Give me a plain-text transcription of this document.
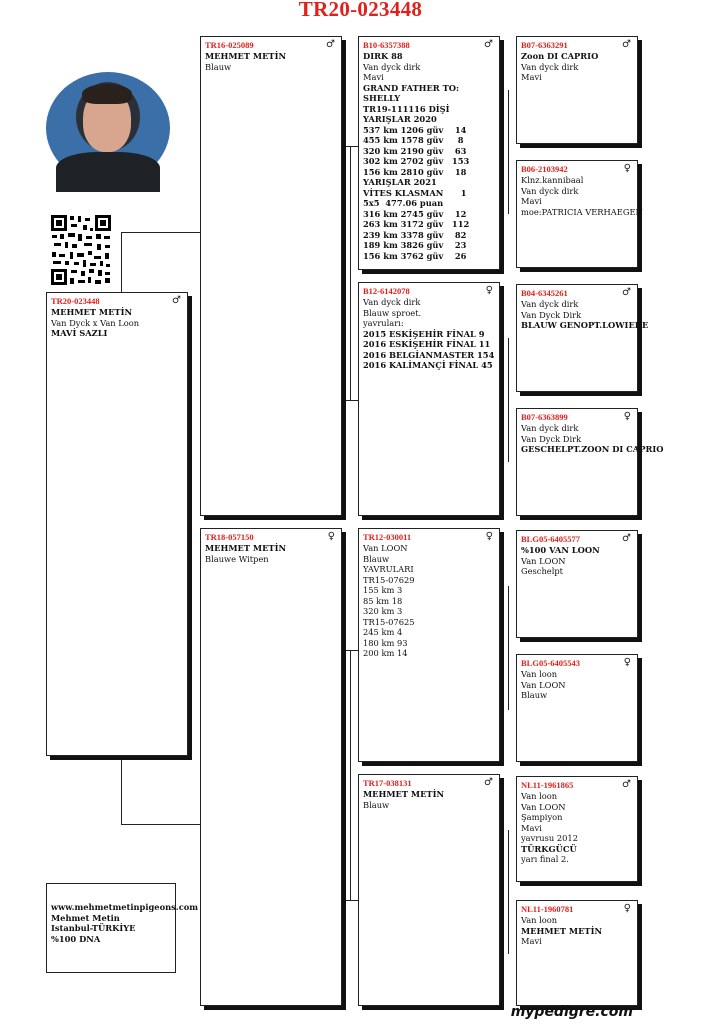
TR20-023448
TR20-023448	♂
MEHMET METİN
Van Dyck x Van Loon
MAVİ SAZLI
TR16-025089	♂
MEHMET METİN
Blauw
TR18-057150	♀
MEHMET METİN
Blauwe Witpen
B10-6357388	♂
DIRK 88
Van dyck dirk
Mavi
GRAND FATHER TO:
SHELLY
TR19-111116 DİŞİ
YARIŞLAR 2020
537 km 1206 güv    14
455 km 1578 güv     8
320 km 2190 güv    63
302 km 2702 güv   153
156 km 2810 güv    18
YARIŞLAR 2021
VİTES KLASMAN      1
5x5  477.06 puan
316 km 2745 güv    12
263 km 3172 güv   112
239 km 3378 güv    82
189 km 3826 güv    23
156 km 3762 güv    26
B12-6142078	♀
Van dyck dirk
Blauw sproet.
yavruları:
2015 ESKİŞEHİR FİNAL 9
2016 ESKİŞEHİR FİNAL 11
2016 BELGİANMASTER 154
2016 KALİMANÇİ FİNAL 45
TR12-030011	♀
Van LOON
Blauw
YAVRULARI
TR15-07629
155 km 3
85 km 18
320 km 3
TR15-07625
245 km 4
180 km 93
200 km 14
TR17-038131	♂
MEHMET METİN
Blauw
B07-6363291	♂
Zoon DI CAPRIO
Van dyck dirk
Mavi
B06-2103942	♀
Klnz.kannibaal
Van dyck dirk
Mavi
moe:PATRICIA VERHAEGEN
B04-6345261	♂
Van dyck dirk
Van Dyck Dirk
BLAUW GENOPT.LOWIEKE
B07-6363899	♀
Van dyck dirk
Van Dyck Dirk
GESCHELPT.ZOON DI CAPRIO
BLG05-6405577	♂
%100 VAN LOON
Van LOON
Geschelpt
BLG05-6405543	♀
Van loon
Van LOON
Blauw
NL11-1961865	♂
Van loon
Van LOON
Şampiyon
Mavi
yavrusu 2012
TÜRKGÜCÜ
yarı final 2.
NL11-1960781	♀
Van loon
MEHMET METİN
Mavi
www.mehmetmetinpigeons.com
Mehmet Metin
Istanbul-TÜRKİYE
%100 DNA
mypedigre.com
